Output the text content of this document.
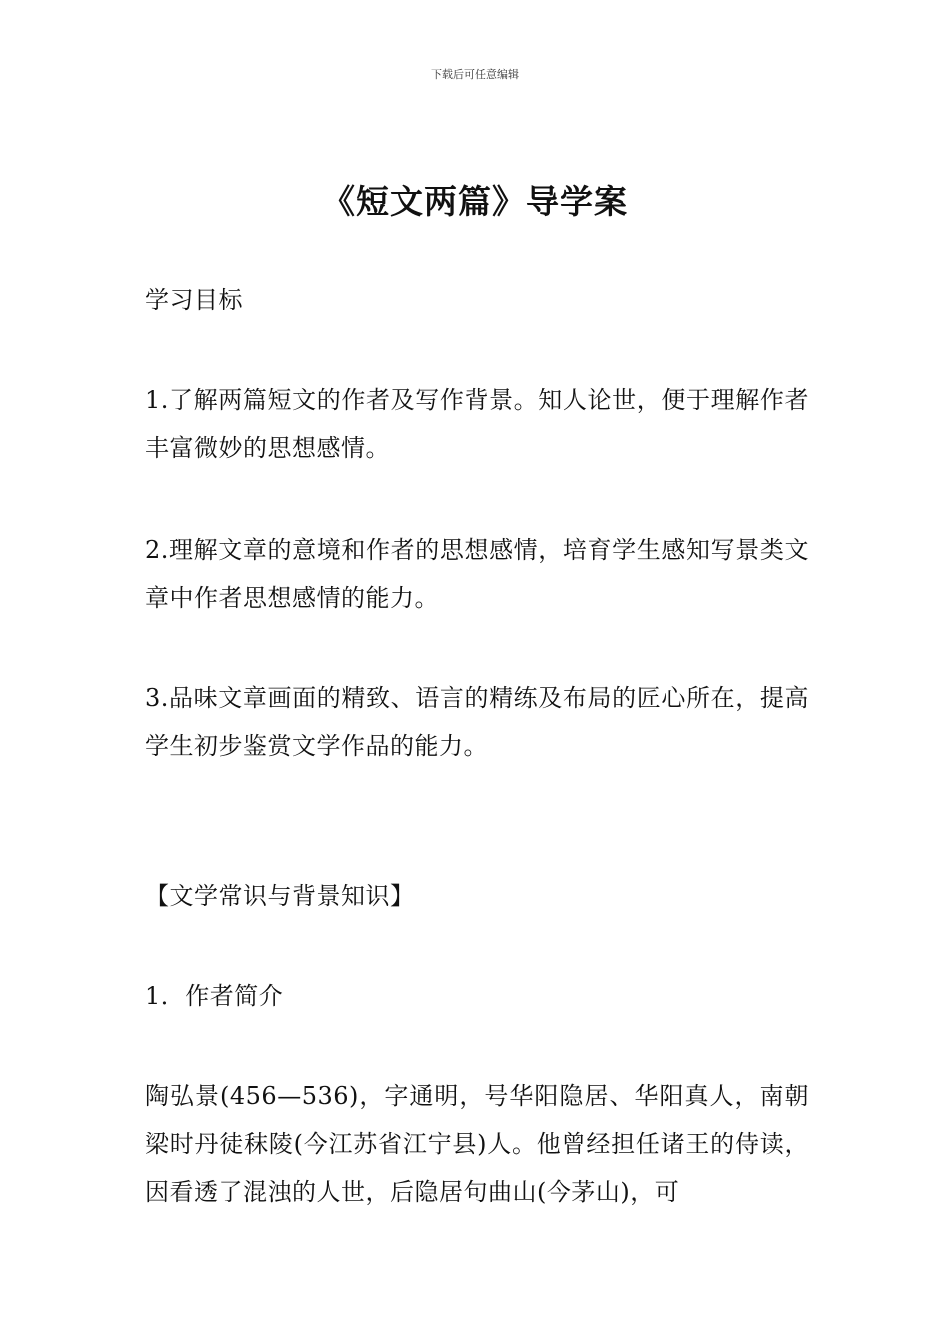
下载后可任意编辑
《短文两篇》导学案

学习目标

1.了解两篇短文的作者及写作背景。知人论世，便于理解作者丰富微妙的思想感情。

2.理解文章的意境和作者的思想感情，培育学生感知写景类文章中作者思想感情的能力。

3.品味文章画面的精致、语言的精练及布局的匠心所在，提高学生初步鉴赏文学作品的能力。

【文学常识与背景知识】

1．作者简介

陶弘景(456—536)，字通明，号华阳隐居、华阳真人，南朝梁时丹徒秣陵(今江苏省江宁县)人。他曾经担任诸王的侍读，因看透了混浊的人世，后隐居句曲山(今茅山)，可
